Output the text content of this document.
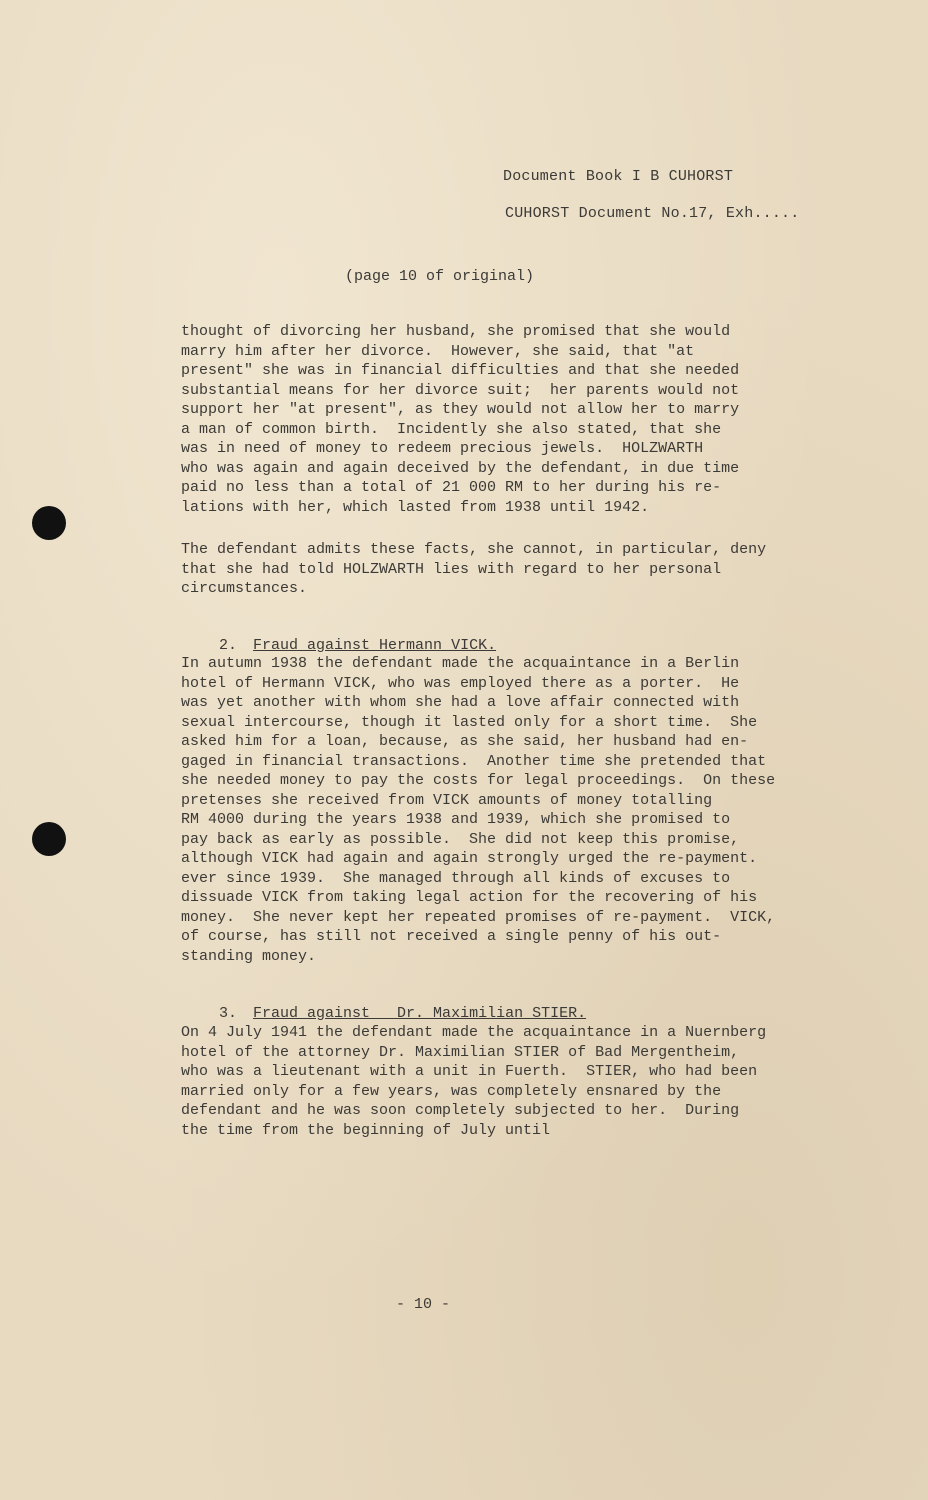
Document Book I B CUHORST
CUHORST Document No.17, Exh.....
(page 10 of original)
thought of divorcing her husband, she promised that she would
marry him after her divorce.  However, she said, that "at
present" she was in financial difficulties and that she needed
substantial means for her divorce suit;  her parents would not
support her "at present", as they would not allow her to marry
a man of common birth.  Incidently she also stated, that she
was in need of money to redeem precious jewels.  HOLZWARTH
who was again and again deceived by the defendant, in due time
paid no less than a total of 21 000 RM to her during his re-
lations with her, which lasted from 1938 until 1942.
The defendant admits these facts, she cannot, in particular, deny
that she had told HOLZWARTH lies with regard to her personal
circumstances.

2. Fraud against Hermann VICK.

In autumn 1938 the defendant made the acquaintance in a Berlin
hotel of Hermann VICK, who was employed there as a porter.  He
was yet another with whom she had a love affair connected with
sexual intercourse, though it lasted only for a short time.  She
asked him for a loan, because, as she said, her husband had en-
gaged in financial transactions.  Another time she pretended that
she needed money to pay the costs for legal proceedings.  On these
pretenses she received from VICK amounts of money totalling
RM 4000 during the years 1938 and 1939, which she promised to
pay back as early as possible.  She did not keep this promise,
although VICK had again and again strongly urged the re-payment.
ever since 1939.  She managed through all kinds of excuses to
dissuade VICK from taking legal action for the recovering of his
money.  She never kept her repeated promises of re-payment.  VICK,
of course, has still not received a single penny of his out-
standing money.

3. Fraud against   Dr. Maximilian STIER.

On 4 July 1941 the defendant made the acquaintance in a Nuernberg
hotel of the attorney Dr. Maximilian STIER of Bad Mergentheim,
who was a lieutenant with a unit in Fuerth.  STIER, who had been
married only for a few years, was completely ensnared by the
defendant and he was soon completely subjected to her.  During
the time from the beginning of July until
- 10 -
